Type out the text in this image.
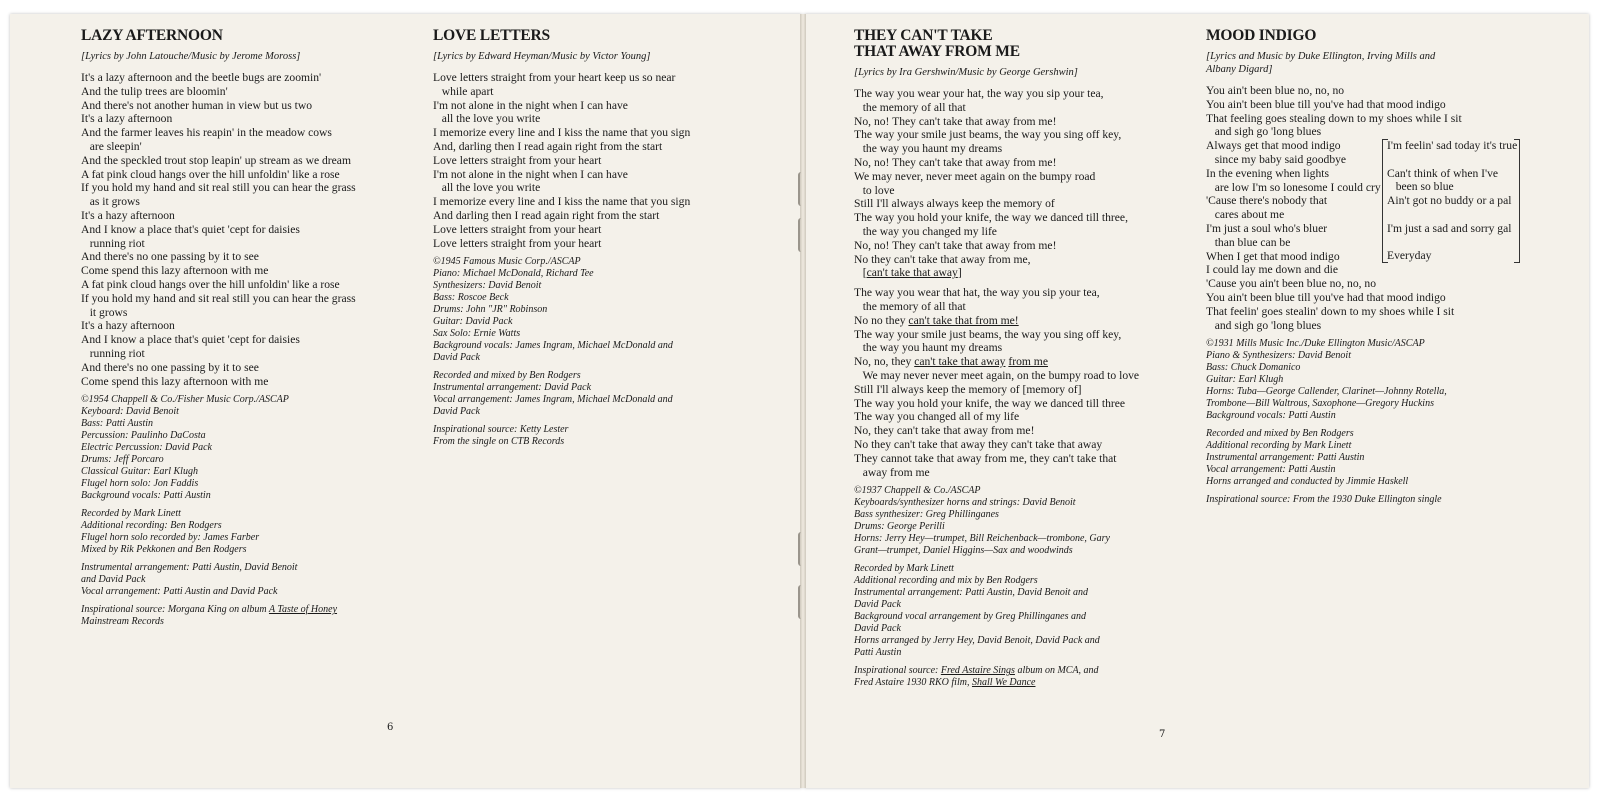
LAZY AFTERNOON

[Lyrics by John Latouche/Music by Jerome Moross]

It's a lazy afternoon and the beetle bugs are zoomin'

And the tulip trees are bloomin'

And there's not another human in view but us two

It's a lazy afternoon

And the farmer leaves his reapin' in the meadow cows

are sleepin'

And the speckled trout stop leapin' up stream as we dream

A fat pink cloud hangs over the hill unfoldin' like a rose

If you hold my hand and sit real still you can hear the grass

as it grows

It's a hazy afternoon

And I know a place that's quiet 'cept for daisies

running riot

And there's no one passing by it to see

Come spend this lazy afternoon with me

A fat pink cloud hangs over the hill unfoldin' like a rose

If you hold my hand and sit real still you can hear the grass

it grows

It's a hazy afternoon

And I know a place that's quiet 'cept for daisies

running riot

And there's no one passing by it to see

Come spend this lazy afternoon with me

©1954 Chappell & Co./Fisher Music Corp./ASCAP

Keyboard: David Benoit

Bass: Patti Austin

Percussion: Paulinho DaCosta

Electric Percussion: David Pack

Drums: Jeff Porcaro

Classical Guitar: Earl Klugh

Flugel horn solo: Jon Faddis

Background vocals: Patti Austin

Recorded by Mark Linett

Additional recording: Ben Rodgers

Flugel horn solo recorded by: James Farber

Mixed by Rik Pekkonen and Ben Rodgers

Instrumental arrangement: Patti Austin, David Benoit

and David Pack

Vocal arrangement: Patti Austin and David Pack

Inspirational source: Morgana King on album A Taste of Honey

Mainstream Records

LOVE LETTERS

[Lyrics by Edward Heyman/Music by Victor Young]

Love letters straight from your heart keep us so near

while apart

I'm not alone in the night when I can have

all the love you write

I memorize every line and I kiss the name that you sign

And, darling then I read again right from the start

Love letters straight from your heart

I'm not alone in the night when I can have

all the love you write

I memorize every line and I kiss the name that you sign

And darling then I read again right from the start

Love letters straight from your heart

Love letters straight from your heart

©1945 Famous Music Corp./ASCAP

Piano: Michael McDonald, Richard Tee

Synthesizers: David Benoit

Bass: Roscoe Beck

Drums: John "JR" Robinson

Guitar: David Pack

Sax Solo: Ernie Watts

Background vocals: James Ingram, Michael McDonald and

David Pack

Recorded and mixed by Ben Rodgers

Instrumental arrangement: David Pack

Vocal arrangement: James Ingram, Michael McDonald and

David Pack

Inspirational source: Ketty Lester

From the single on CTB Records

THEY CAN'T TAKE
THAT AWAY FROM ME

[Lyrics by Ira Gershwin/Music by George Gershwin]

The way you wear your hat, the way you sip your tea,

the memory of all that

No, no! They can't take that away from me!

The way your smile just beams, the way you sing off key,

the way you haunt my dreams

No, no! They can't take that away from me!

We may never, never meet again on the bumpy road

to love

Still I'll always always keep the memory of

The way you hold your knife, the way we danced till three,

the way you changed my life

No, no! They can't take that away from me!

No they can't take that away from me,

[can't take that away]

The way you wear that hat, the way you sip your tea,

the memory of all that

No no they can't take that from me!

The way your smile just beams, the way you sing off key,

the way you haunt my dreams

No, no, they can't take that away from me

We may never never meet again, on the bumpy road to love

Still I'll always keep the memory of [memory of]

The way you hold your knife, the way we danced till three

The way you changed all of my life

No, they can't take that away from me!

No they can't take that away they can't take that away

They cannot take that away from me, they can't take that

away from me

©1937 Chappell & Co./ASCAP

Keyboards/synthesizer horns and strings: David Benoit

Bass synthesizer: Greg Phillinganes

Drums: George Perilli

Horns: Jerry Hey—trumpet, Bill Reichenback—trombone, Gary

Grant—trumpet, Daniel Higgins—Sax and woodwinds

Recorded by Mark Linett

Additional recording and mix by Ben Rodgers

Instrumental arrangement: Patti Austin, David Benoit and

David Pack

Background vocal arrangement by Greg Phillinganes and

David Pack

Horns arranged by Jerry Hey, David Benoit, David Pack and

Patti Austin

Inspirational source: Fred Astaire Sings album on MCA, and

Fred Astaire 1930 RKO film, Shall We Dance

MOOD INDIGO

[Lyrics and Music by Duke Ellington, Irving Mills and

Albany Digard]

You ain't been blue no, no, no

You ain't been blue till you've had that mood indigo

That feeling goes stealing down to my shoes while I sit

and sigh go 'long blues

Always get that mood indigo

since my baby said goodbye

In the evening when lights

are low I'm so lonesome I could cry

'Cause there's nobody that

cares about me

I'm just a soul who's bluer

than blue can be

When I get that mood indigo

I could lay me down and die

'Cause you ain't been blue no, no, no

You ain't been blue till you've had that mood indigo

That feelin' goes stealin' down to my shoes while I sit

and sigh go 'long blues

I'm feelin' sad today it's true

Can't think of when I've

been so blue

Ain't got no buddy or a pal

I'm just a sad and sorry gal

Everyday

©1931 Mills Music Inc./Duke Ellington Music/ASCAP

Piano & Synthesizers: David Benoit

Bass: Chuck Domanico

Guitar: Earl Klugh

Horns: Tuba—George Callender, Clarinet—Johnny Rotella,

Trombone—Bill Waltrous, Saxophone—Gregory Huckins

Background vocals: Patti Austin

Recorded and mixed by Ben Rodgers

Additional recording by Mark Linett

Instrumental arrangement: Patti Austin

Vocal arrangement: Patti Austin

Horns arranged and conducted by Jimmie Haskell

Inspirational source: From the 1930 Duke Ellington single

6
7
